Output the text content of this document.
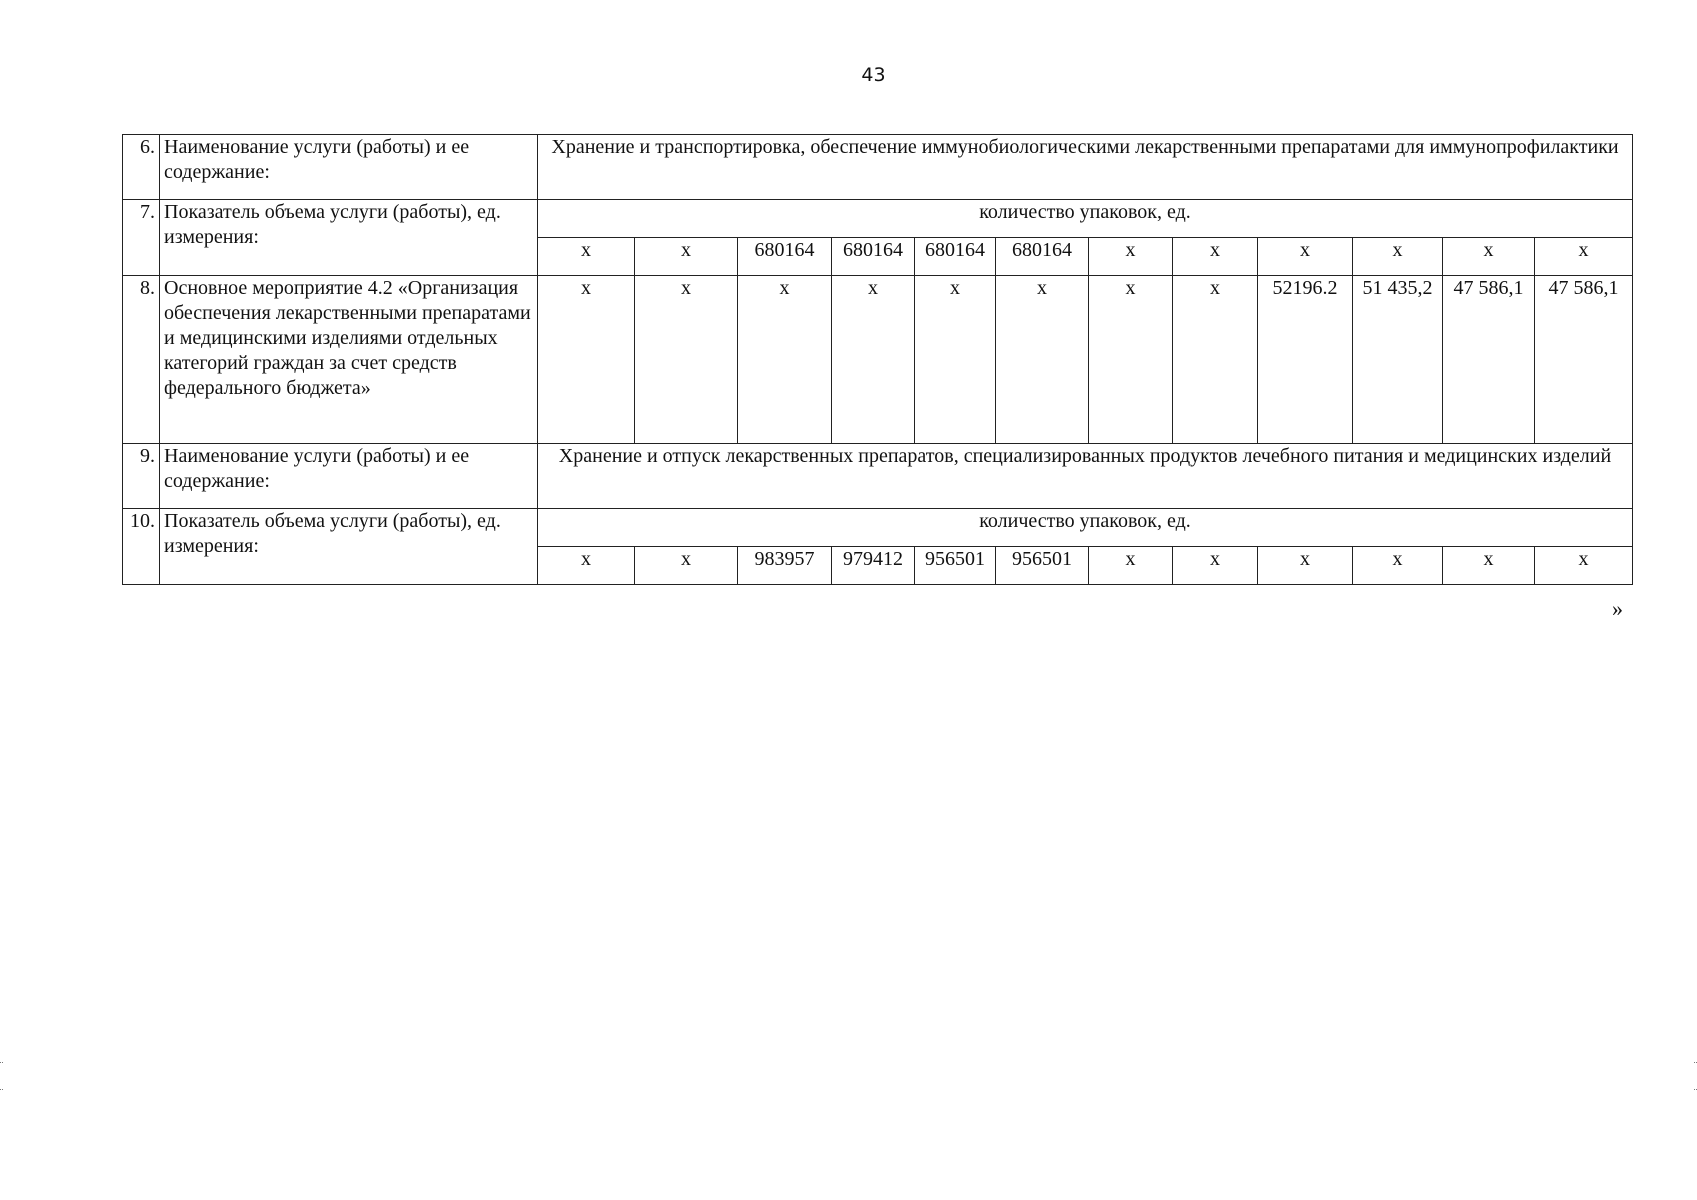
43
6.	Наименование услуги (работы) и ее содержание:	Хранение и транспортировка, обеспечение иммунобиологическими лекарственными препаратами для иммунопрофилактики											
7.	Показатель объема услуги (работы), ед. измерения:	количество упаковок, ед.											
		х	х	680164	680164	680164	680164	х	х	х	х	х	х
8.	Основное мероприятие 4.2 «Организация обеспечения лекарственными препаратами и медицинскими изделиями отдельных категорий граждан за счет средств федерального бюджета»	х	х	х	х	х	х	х	х	52196.2	51 435,2	47 586,1	47 586,1
9.	Наименование услуги (работы) и ее содержание:	Хранение и отпуск лекарственных препаратов, специализированных продуктов лечебного питания и медицинских изделий											
10.	Показатель объема услуги (работы), ед. измерения:	количество упаковок, ед.											
		х	х	983957	979412	956501	956501	х	х	х	х	х	х
»
